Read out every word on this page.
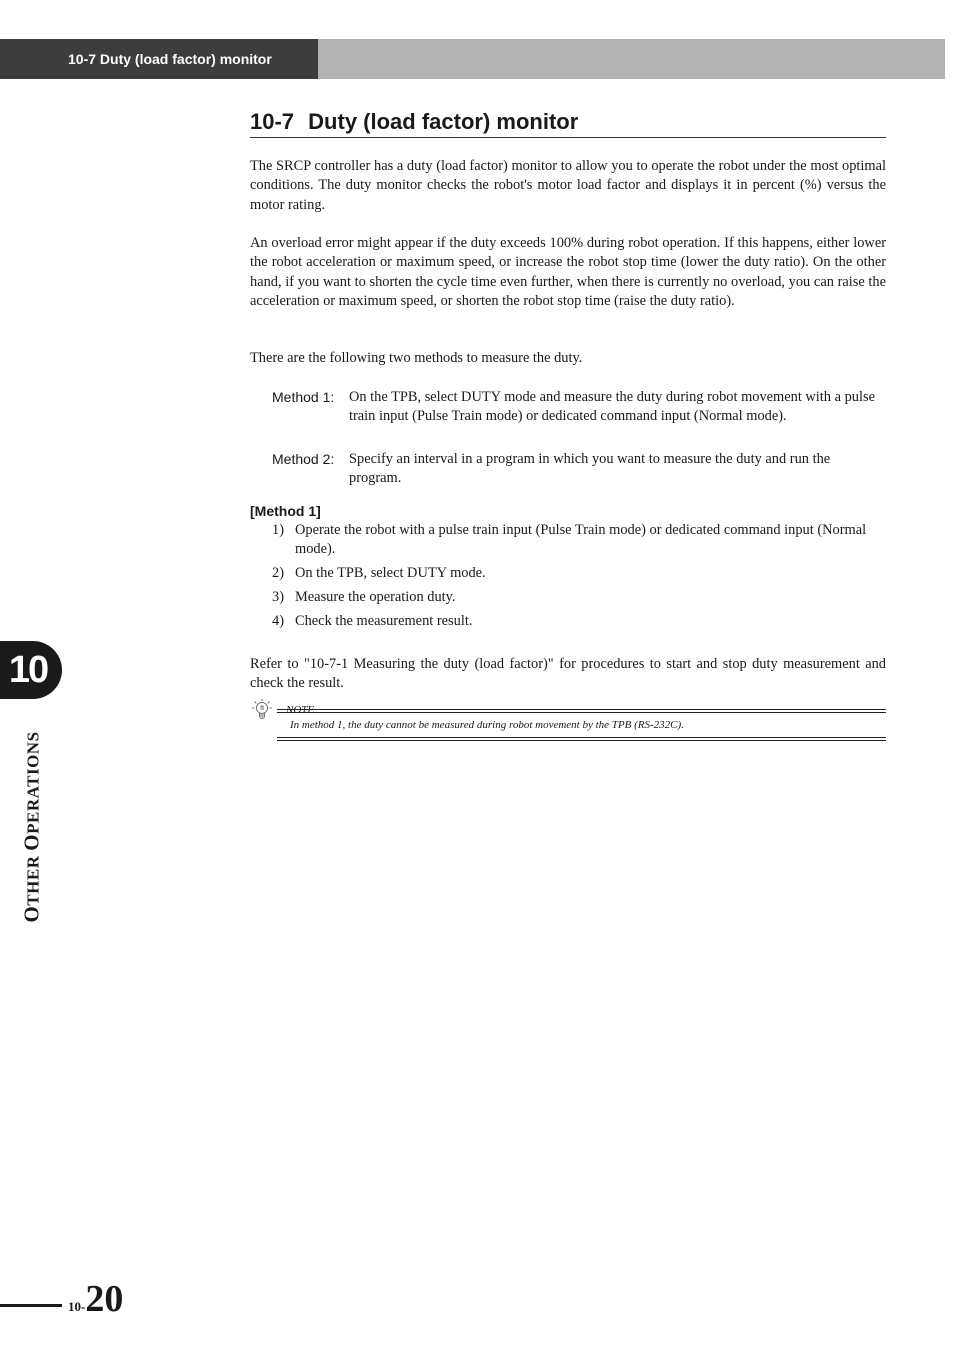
10-7 Duty (load factor) monitor
10-7 Duty (load factor) monitor

The SRCP controller has a duty (load factor) monitor to allow you to operate the robot under the most optimal conditions. The duty monitor checks the robot's motor load factor and displays it in percent (%) versus the motor rating.

An overload error might appear if the duty exceeds 100% during robot operation. If this happens, either lower the robot acceleration or maximum speed, or increase the robot stop time (lower the duty ratio). On the other hand, if you want to shorten the cycle time even further, when there is currently no overload, you can raise the acceleration or maximum speed, or shorten the robot stop time (raise the duty ratio).

There are the following two methods to measure the duty.

Method 1: On the TPB, select DUTY mode and measure the duty during robot movement with a pulse train input (Pulse Train mode) or dedicated command input (Normal mode).
Method 2: Specify an interval in a program in which you want to measure the duty and run the program.
[Method 1]
1) Operate the robot with a pulse train input (Pulse Train mode) or dedicated command input (Normal mode).
2) On the TPB, select DUTY mode.
3) Measure the operation duty.
4) Check the measurement result.

Refer to "10-7-1 Measuring the duty (load factor)" for procedures to start and stop duty measurement and check the result.

NOTE
In method 1, the duty cannot be measured during robot movement by the TPB (RS-232C).
10
OTHER OPERATIONS
10-20
